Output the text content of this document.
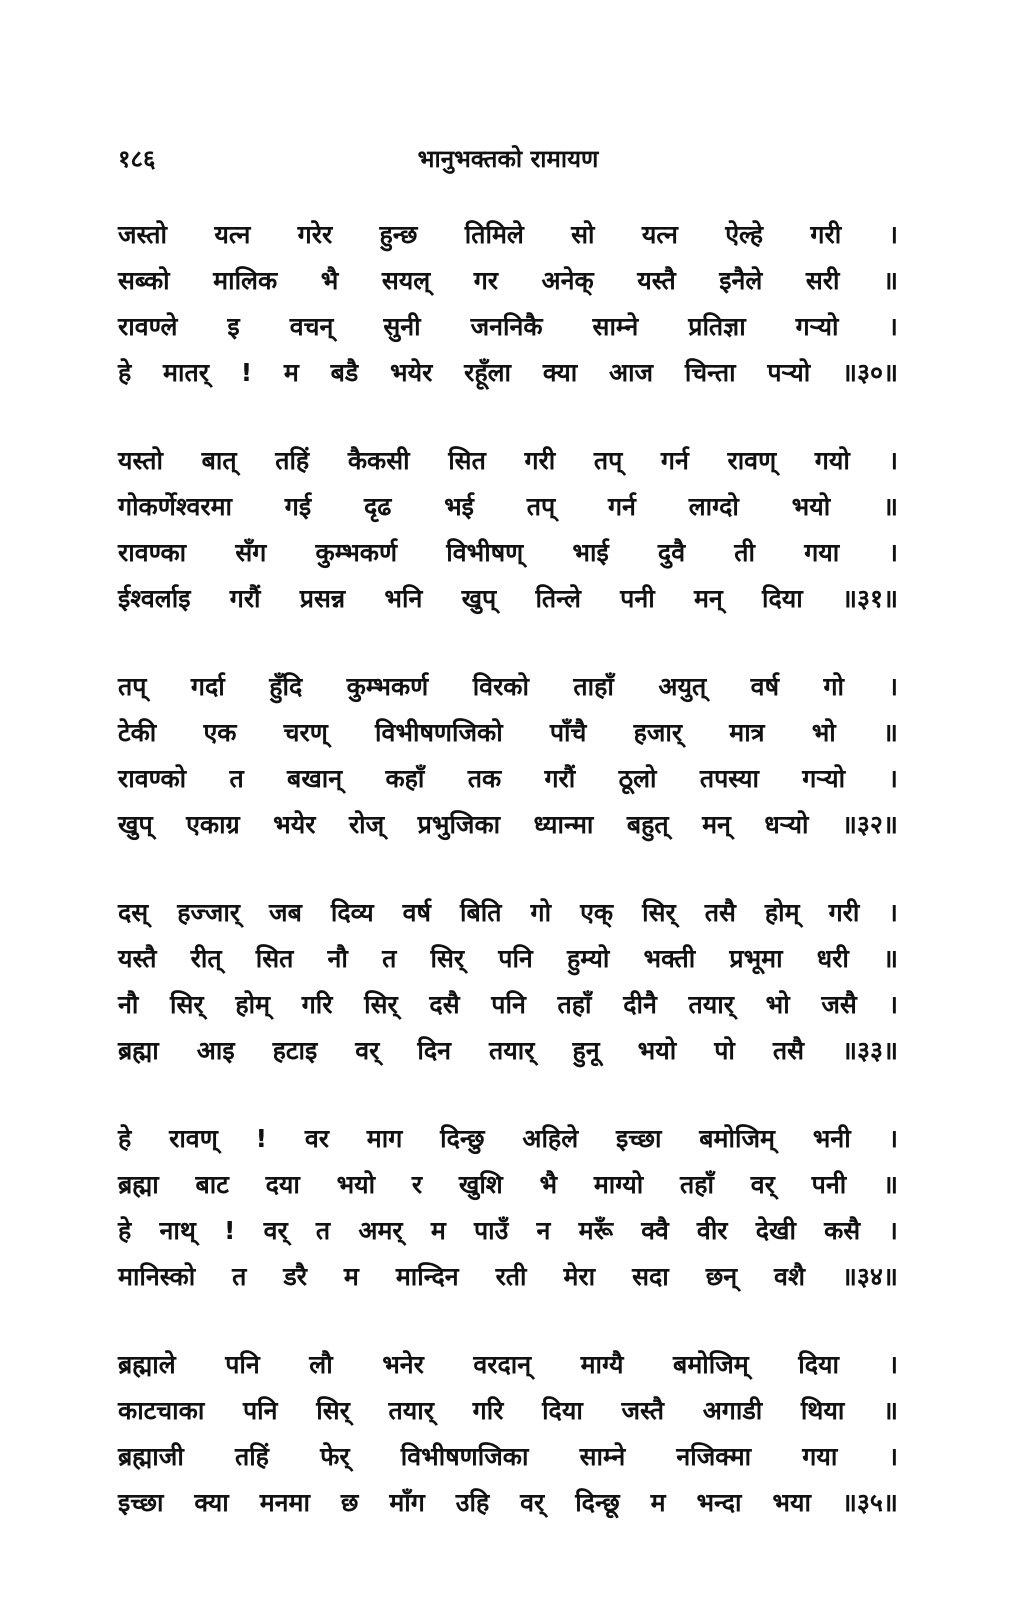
१८६	भानुभक्तको रामायण
जस्तो यत्न गरेर हुन्छ तिमिले सो यत्न ऐल्हे गरी ।
सब्को मालिक भै सयल् गर अनेक् यस्तै इनैले सरी ॥
रावण्ले इ वचन् सुनी जननिकै साम्ने प्रतिज्ञा गऱ्यो ।
हे मातर् ! म बडै भयेर रहूँला क्या आज चिन्ता पऱ्यो ॥३०॥
यस्तो बात् तहिं कैकसी सित गरी तप् गर्न रावण् गयो ।
गोकर्णेश्वरमा गई दृढ भई तप् गर्न लाग्दो भयो ॥
रावण्का सँग कुम्भकर्ण विभीषण् भाई दुवै ती गया ।
ईश्वर्लाइ गरौं प्रसन्न भनि खुप् तिन्ले पनी मन् दिया ॥३१॥
तप् गर्दा हुँदि कुम्भकर्ण विरको ताहाँ अयुत् वर्ष गो ।
टेकी एक चरण् विभीषणजिको पाँचै हजार् मात्र भो ॥
रावण्को त बखान् कहाँ तक गरौं ठूलो तपस्या गऱ्यो ।
खुप् एकाग्र भयेर रोज् प्रभुजिका ध्यान्मा बहुत् मन् धऱ्यो ॥३२॥
दस् हज्जार् जब दिव्य वर्ष बिति गो एक् सिर् तसै होम् गरी ।
यस्तै रीत् सित नौ त सिर् पनि हुम्यो भक्ती प्रभूमा धरी ॥
नौ सिर् होम् गरि सिर् दसै पनि तहाँ दीनै तयार् भो जसै ।
ब्रह्मा आइ हटाइ वर् दिन तयार् हुनू भयो पो तसै ॥३३॥
हे रावण् ! वर माग दिन्छु अहिले इच्छा बमोजिम् भनी ।
ब्रह्मा बाट दया भयो र खुशि भै माग्यो तहाँ वर् पनी ॥
हे नाथ् ! वर् त अमर् म पाउँ न मरूँ क्वै वीर देखी कसै ।
मानिस्को त डरै म मान्दिन रती मेरा सदा छन् वशै ॥३४॥
ब्रह्माले पनि लौ भनेर वरदान् माग्यै बमोजिम् दिया ।
काटचाका पनि सिर् तयार् गरि दिया जस्तै अगाडी थिया ॥
ब्रह्माजी तहिं फेर् विभीषणजिका साम्ने नजिक्मा गया ।
इच्छा क्या मनमा छ माँग उहि वर् दिन्छू म भन्दा भया ॥३५॥
